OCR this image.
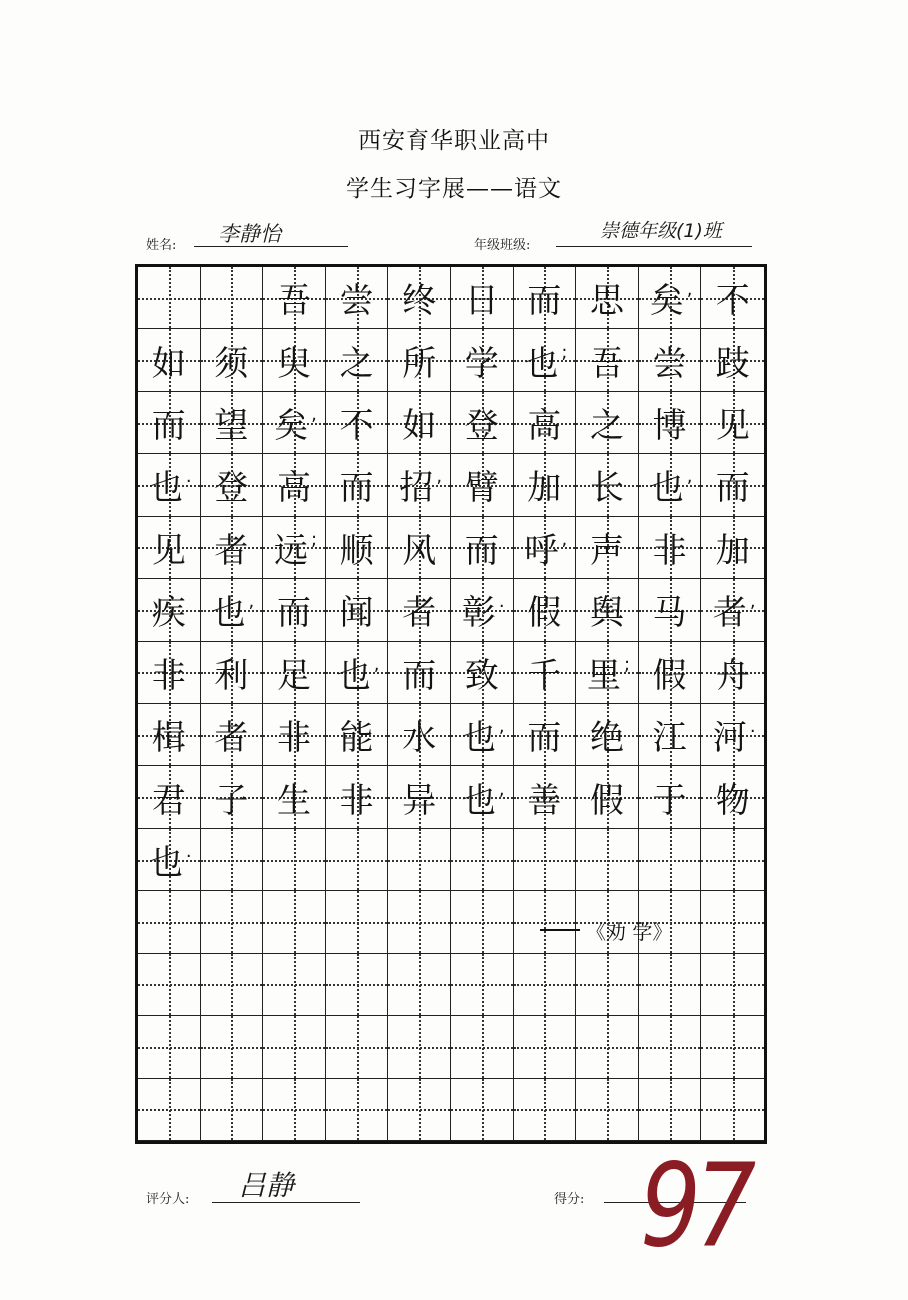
西安育华职业高中
学生习字展——语文
姓名: 李静怡	年级班级:
崇德年级(1)班
吾 尝 终 日 而 思 矣 , 不
如 须 臾 之 所 学 也 ; 吾 尝 跂
而 望 矣 , 不 如 登 高 之 博 见
也 . 登 高 而 招 , 臂 加 长 也 , 而
见 者 远 ; 顺 风 而 呼 , 声 非 加
疾 也 , 而 闻 者 彰 . 假 舆 马 者 ,
非 利 足 也 , 而 致 千 里 ; 假 舟
楫 者 非 能 水 也 , 而 绝 江 河 .
君 子 生 非 异 也 , 善 假 于 物
也 .
《劝 学》
评分人: 吕静	得分: 97
